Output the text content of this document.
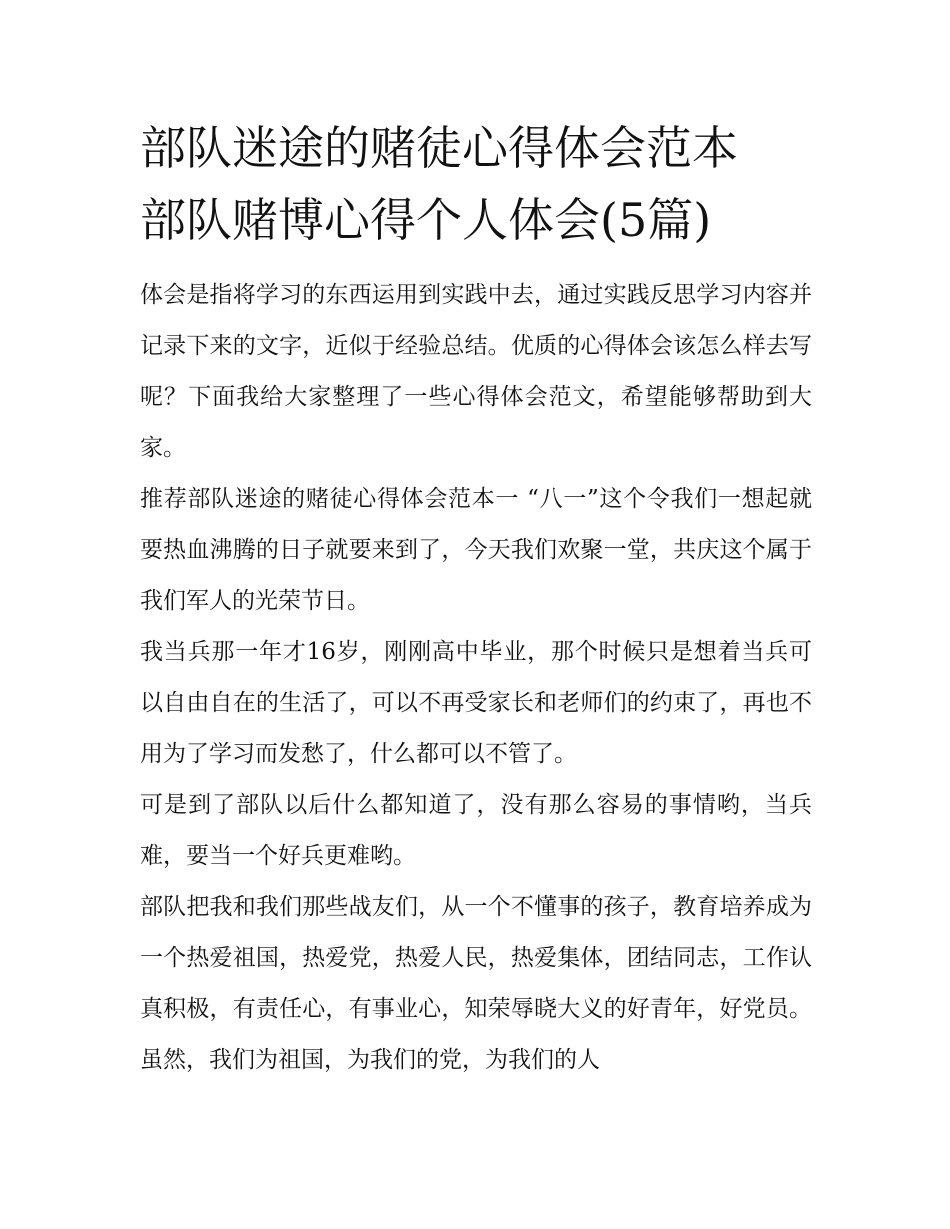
部队迷途的赌徒心得体会范本
部队赌博心得个人体会(5篇)

体会是指将学习的东西运用到实践中去，通过实践反思学习内容并记录下来的文字，近似于经验总结。优质的心得体会该怎么样去写呢？下面我给大家整理了一些心得体会范文，希望能够帮助到大家。

推荐部队迷途的赌徒心得体会范本一 “八一”这个令我们一想起就要热血沸腾的日子就要来到了，今天我们欢聚一堂，共庆这个属于我们军人的光荣节日。

我当兵那一年才16岁，刚刚高中毕业，那个时候只是想着当兵可以自由自在的生活了，可以不再受家长和老师们的约束了，再也不用为了学习而发愁了，什么都可以不管了。

可是到了部队以后什么都知道了，没有那么容易的事情哟，当兵难，要当一个好兵更难哟。

部队把我和我们那些战友们，从一个不懂事的孩子，教育培养成为一个热爱祖国，热爱党，热爱人民，热爱集体，团结同志，工作认真积极，有责任心，有事业心，知荣辱晓大义的好青年，好党员。虽然，我们为祖国，为我们的党，为我们的人
